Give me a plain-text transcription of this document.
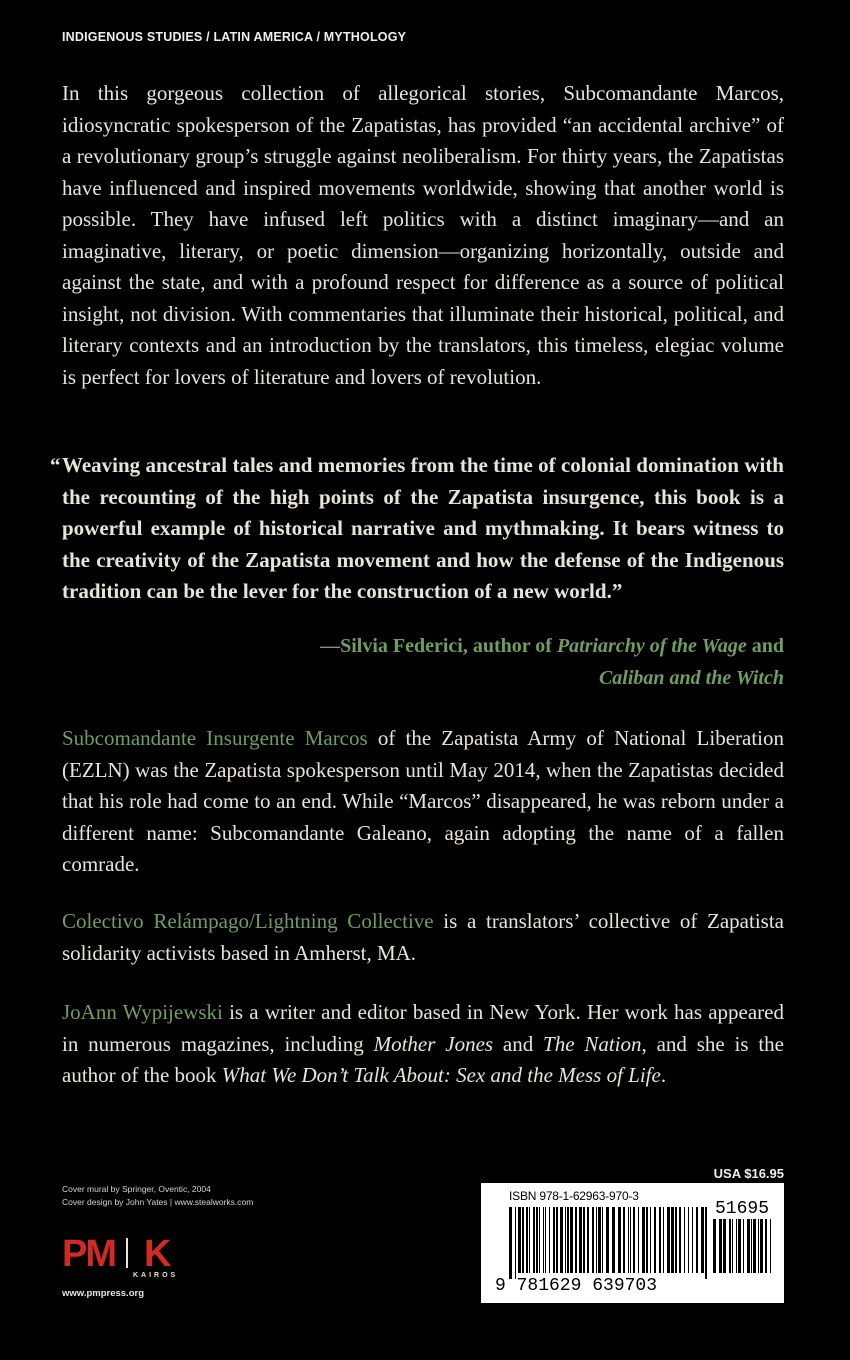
INDIGENOUS STUDIES / LATIN AMERICA / MYTHOLOGY

In this gorgeous collection of allegorical stories, Subcomandante Marcos, idiosyncratic spokesperson of the Zapatistas, has provided “an accidental archive” of a revolutionary group’s struggle against neoliberalism. For thirty years, the Zapatistas have influenced and inspired movements worldwide, showing that another world is possible. They have infused left politics with a distinct imaginary—and an imaginative, literary, or poetic dimension—organizing horizontally, outside and against the state, and with a profound respect for difference as a source of political insight, not division. With commentaries that illuminate their historical, political, and literary contexts and an introduction by the translators, this timeless, elegiac volume is perfect for lovers of literature and lovers of revolution.

“ Weaving ancestral tales and memories from the time of colonial domination with the recounting of the high points of the Zapatista insurgence, this book is a powerful example of historical narrative and mythmaking. It bears witness to the creativity of the Zapatista movement and how the defense of the Indigenous tradition can be the lever for the construction of a new world.”

—Silvia Federici, author of Patriarchy of the Wage and
Caliban and the Witch

Subcomandante Insurgente Marcos of the Zapatista Army of National Liberation (EZLN) was the Zapatista spokesperson until May 2014, when the Zapatistas decided that his role had come to an end. While “Marcos” disappeared, he was reborn under a different name: Subcomandante Galeano, again adopting the name of a fallen comrade.

Colectivo Relámpago/Lightning Collective is a translators’ collective of Zapatista solidarity activists based in Amherst, MA.

JoAnn Wypijewski is a writer and editor based in New York. Her work has appeared in numerous magazines, including Mother Jones and The Nation, and she is the author of the book What We Don’t Talk About: Sex and the Mess of Life.

Cover mural by Springer, Oventic, 2004
Cover design by John Yates | www.stealworks.com
PM K
KAIROS
www.pmpress.org
USA $16.95
ISBN 978-1-62963-970-3
51695
9 781629 639703
